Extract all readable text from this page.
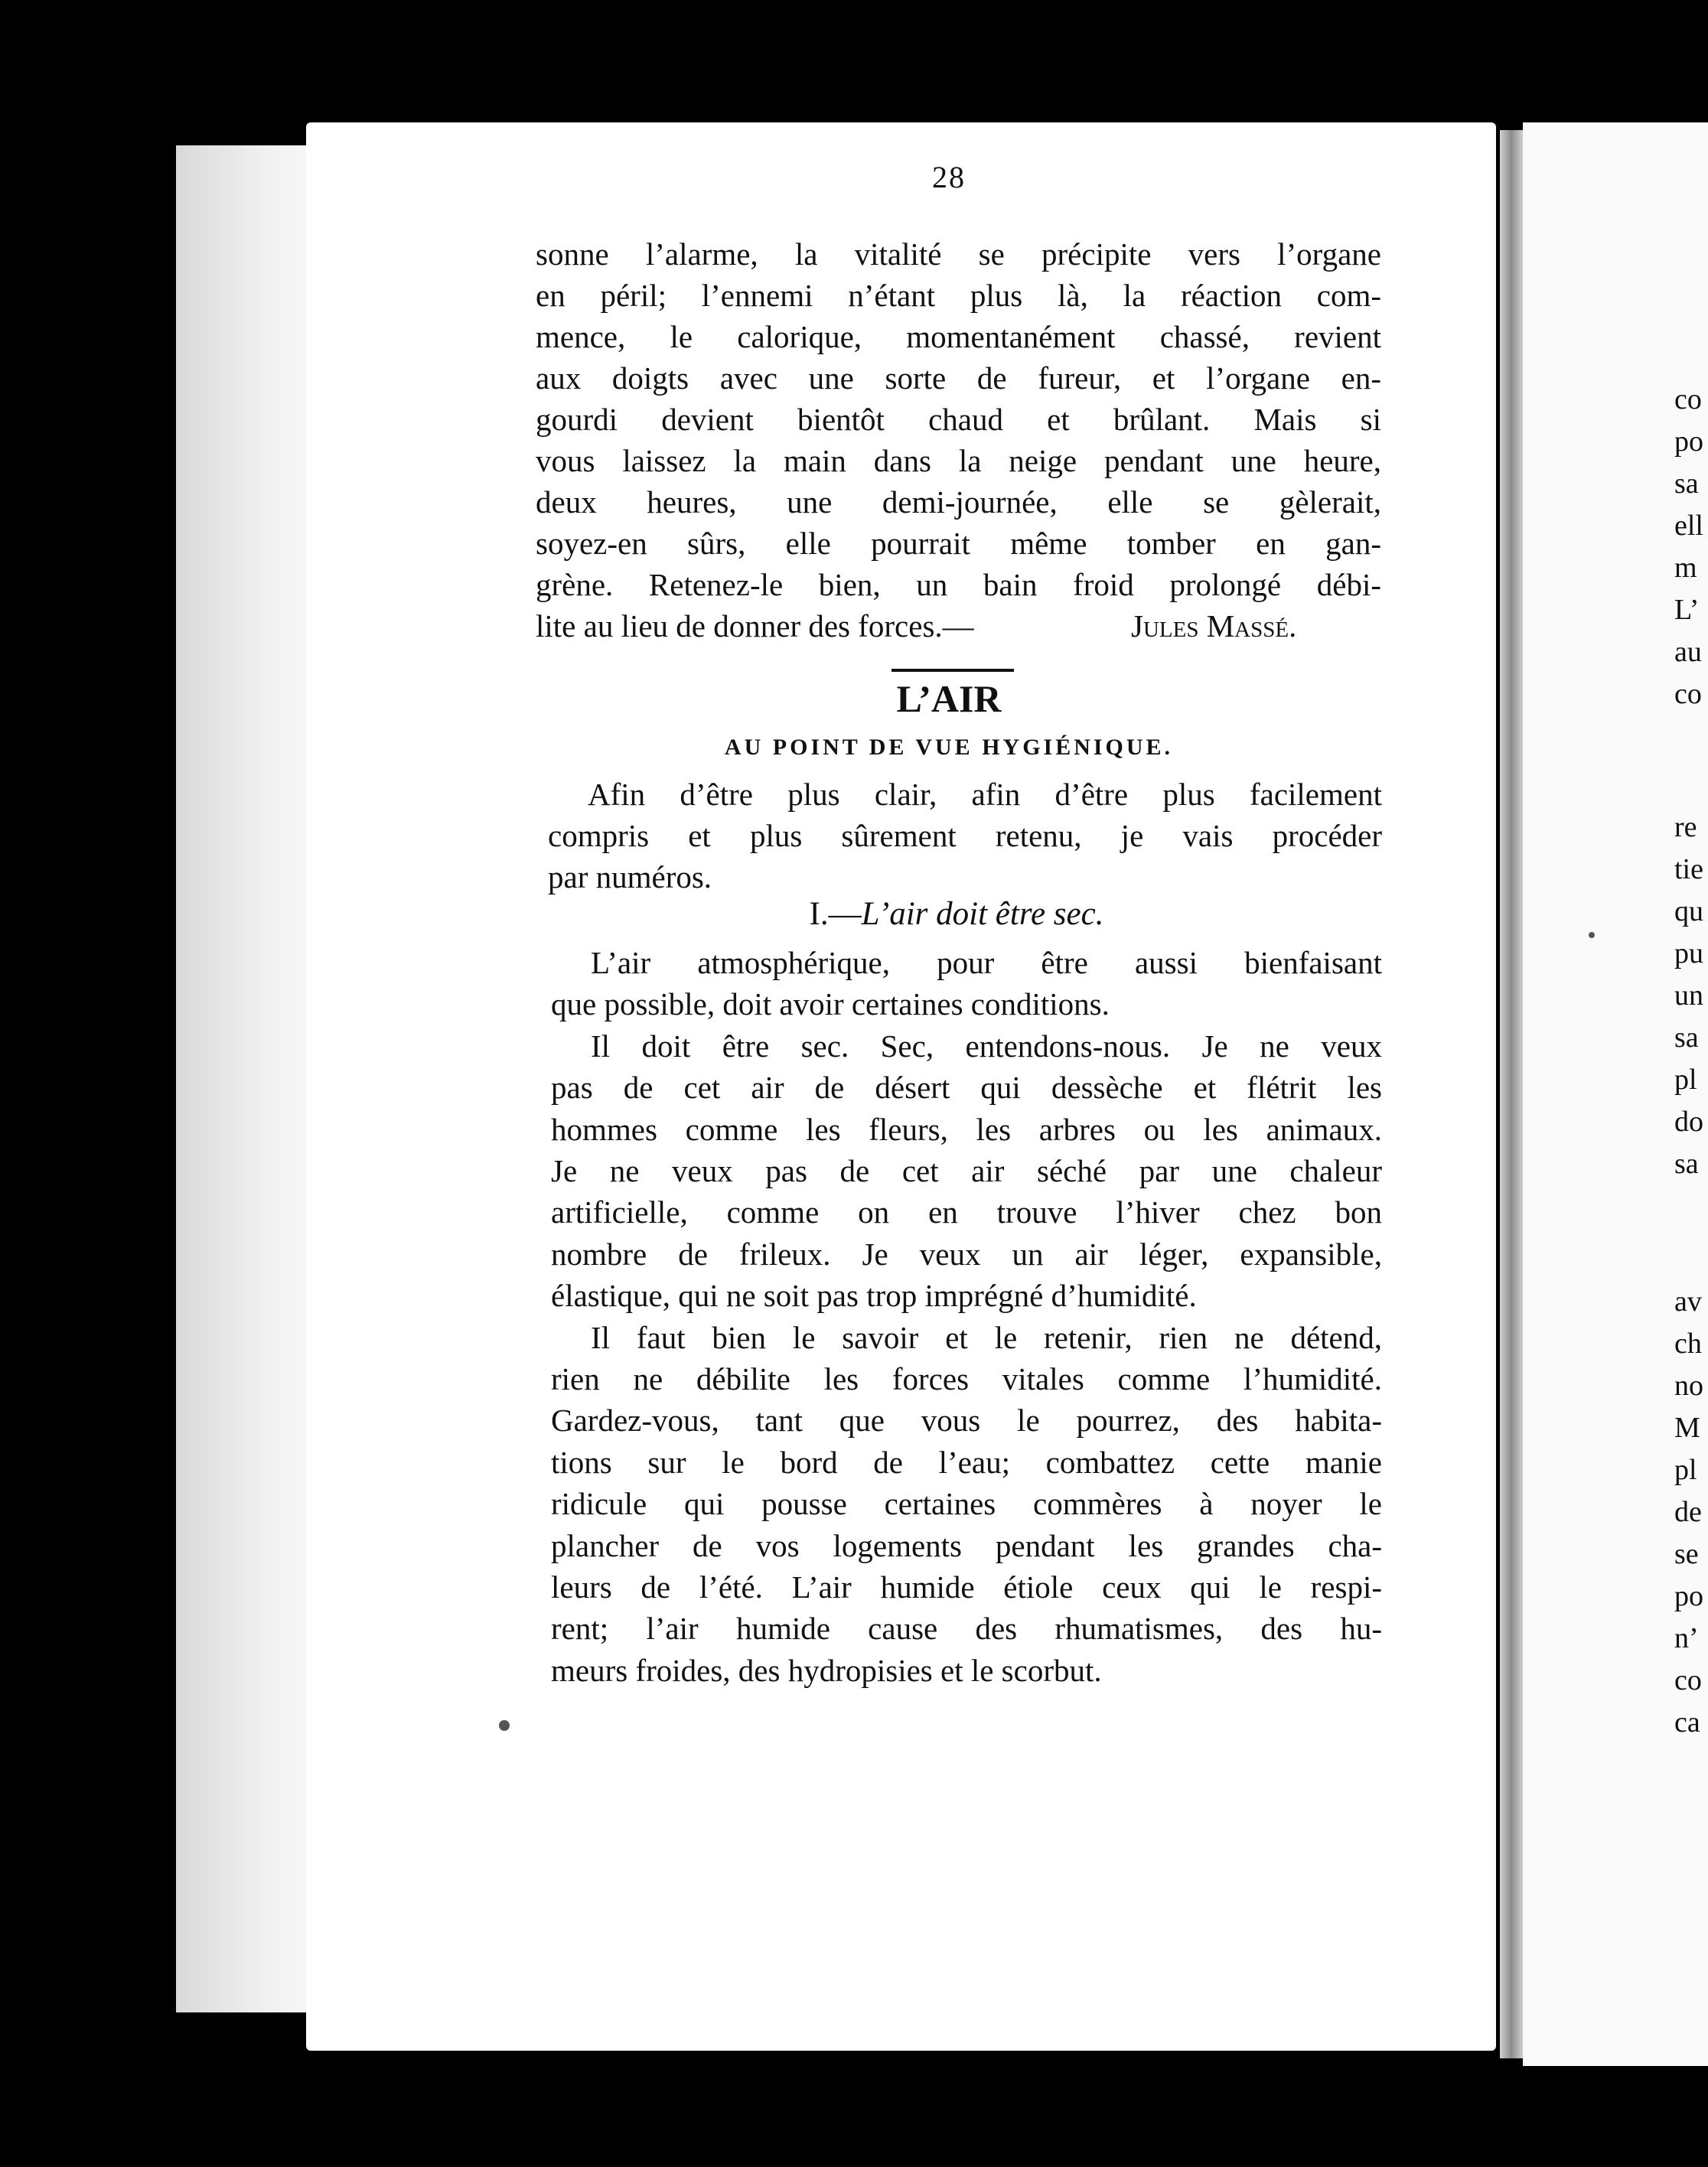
28
sonne l’alarme, la vitalité se précipite vers l’organe
en péril; l’ennemi n’étant plus là, la réaction com-
mence, le calorique, momentanément chassé, revient
aux doigts avec une sorte de fureur, et l’organe en-
gourdi devient bientôt chaud et brûlant. Mais si
vous laissez la main dans la neige pendant une heure,
deux heures, une demi-journée, elle se gèlerait,
soyez-en sûrs, elle pourrait même tomber en gan-
grène. Retenez-le bien, un bain froid prolongé débi-
lite au lieu de donner des forces.—	Jules Massé.
L’AIR
AU POINT DE VUE HYGIÉNIQUE.
Afin d’être plus clair, afin d’être plus facilement
compris et plus sûrement retenu, je vais procéder
par numéros.
I.—L’air doit être sec.
L’air atmosphérique, pour être aussi bienfaisant
que possible, doit avoir certaines conditions.
Il doit être sec. Sec, entendons-nous. Je ne veux
pas de cet air de désert qui dessèche et flétrit les
hommes comme les fleurs, les arbres ou les animaux.
Je ne veux pas de cet air séché par une chaleur
artificielle, comme on en trouve l’hiver chez bon
nombre de frileux. Je veux un air léger, expansible,
élastique, qui ne soit pas trop imprégné d’humidité.
Il faut bien le savoir et le retenir, rien ne détend,
rien ne débilite les forces vitales comme l’humidité.
Gardez-vous, tant que vous le pourrez, des habita-
tions sur le bord de l’eau; combattez cette manie
ridicule qui pousse certaines commères à noyer le
plancher de vos logements pendant les grandes cha-
leurs de l’été. L’air humide étiole ceux qui le respi-
rent; l’air humide cause des rhumatismes, des hu-
meurs froides, des hydropisies et le scorbut.
co
po
sa
ell
m
L’
au
co
re
tie
qu
pu
un
sa
pl
do
sa
av
ch
no
M
pl
de
se
po
n’
co
ca
